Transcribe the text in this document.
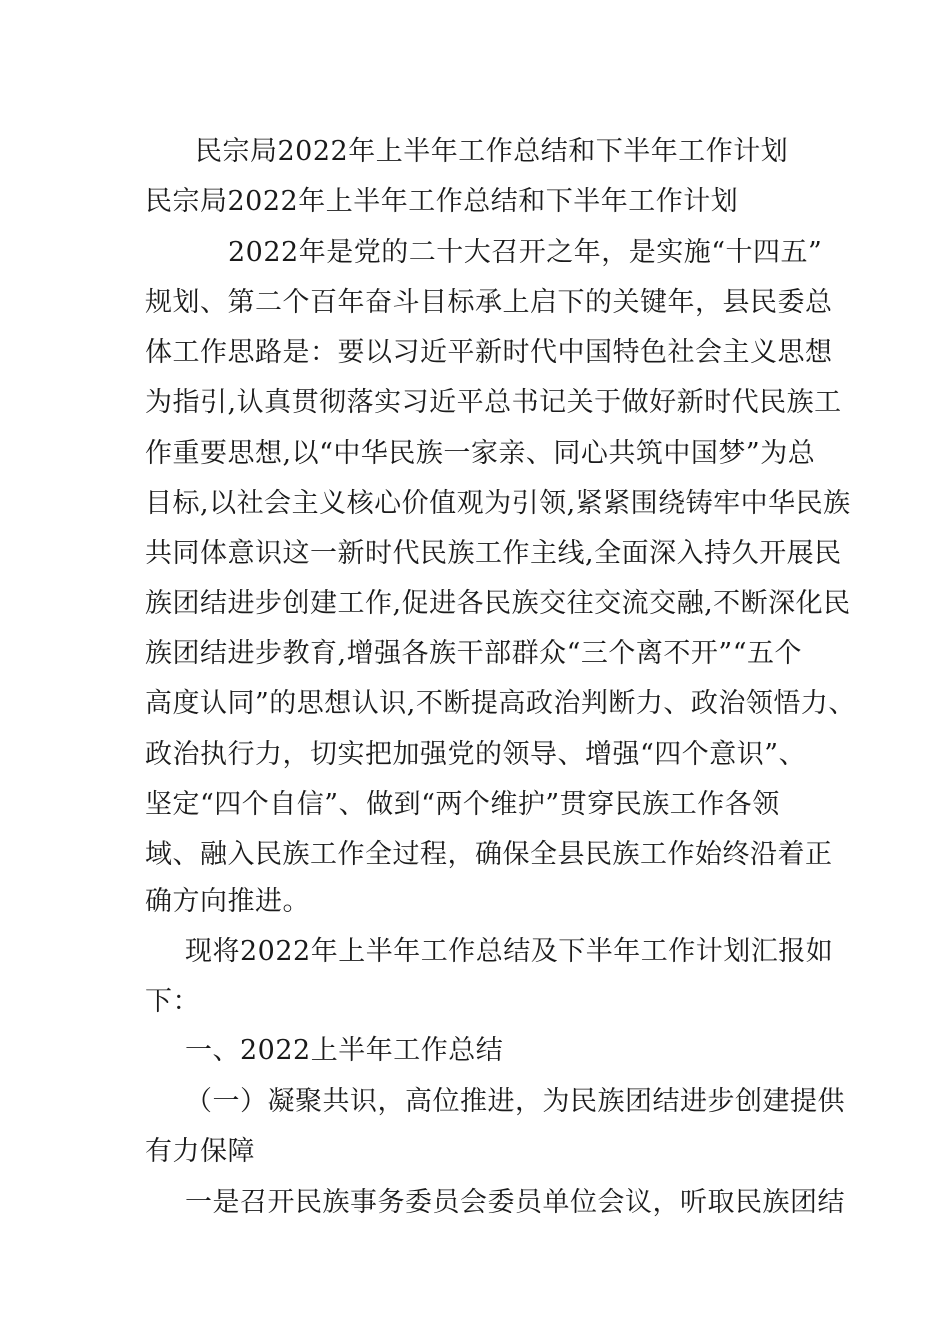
民宗局2022年上半年工作总结和下半年工作计划
民宗局2022年上半年工作总结和下半年工作计划
2022年是党的二十大召开之年，是实施“十四五”
规划、第二个百年奋斗目标承上启下的关键年，县民委总
体工作思路是：要以习近平新时代中国特色社会主义思想
为指引,认真贯彻落实习近平总书记关于做好新时代民族工
作重要思想,以“中华民族一家亲、同心共筑中国梦”为总
目标,以社会主义核心价值观为引领,紧紧围绕铸牢中华民族
共同体意识这一新时代民族工作主线,全面深入持久开展民
族团结进步创建工作,促进各民族交往交流交融,不断深化民
族团结进步教育,增强各族干部群众“三个离不开”“五个
高度认同”的思想认识,不断提高政治判断力、政治领悟力、
政治执行力，切实把加强党的领导、增强“四个意识”、
坚定“四个自信”、做到“两个维护”贯穿民族工作各领
域、融入民族工作全过程，确保全县民族工作始终沿着正
确方向推进。
现将2022年上半年工作总结及下半年工作计划汇报如
下：
一、2022上半年工作总结
（一）凝聚共识，高位推进，为民族团结进步创建提供
有力保障
一是召开民族事务委员会委员单位会议，听取民族团结
